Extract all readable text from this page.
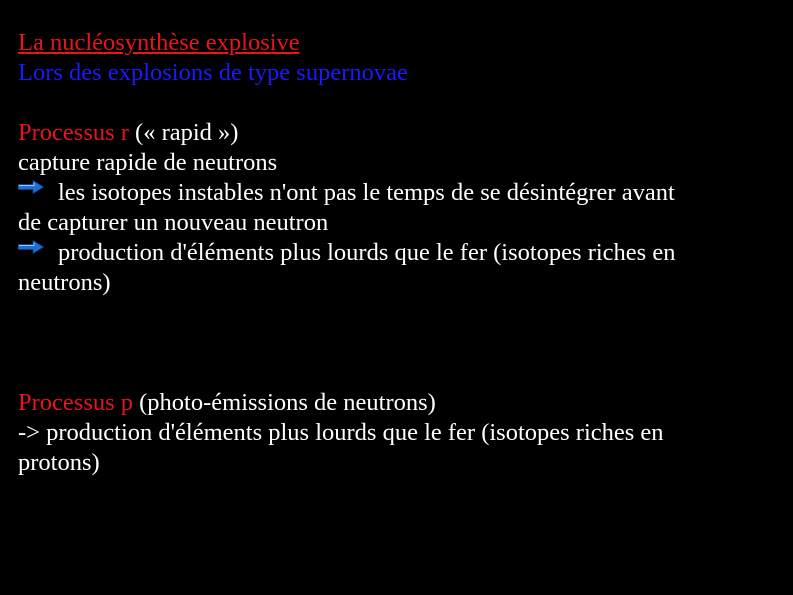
La nucléosynthèse explosive
Lors des explosions de type supernovae
Processus r (« rapid »)
capture rapide de neutrons
les isotopes instables n'ont pas le temps de se désintégrer avant
de capturer un nouveau neutron
production d'éléments plus lourds que le fer (isotopes riches en
neutrons)
Processus p (photo-émissions de neutrons)
-> production d'éléments plus lourds que le fer (isotopes riches en
protons)
